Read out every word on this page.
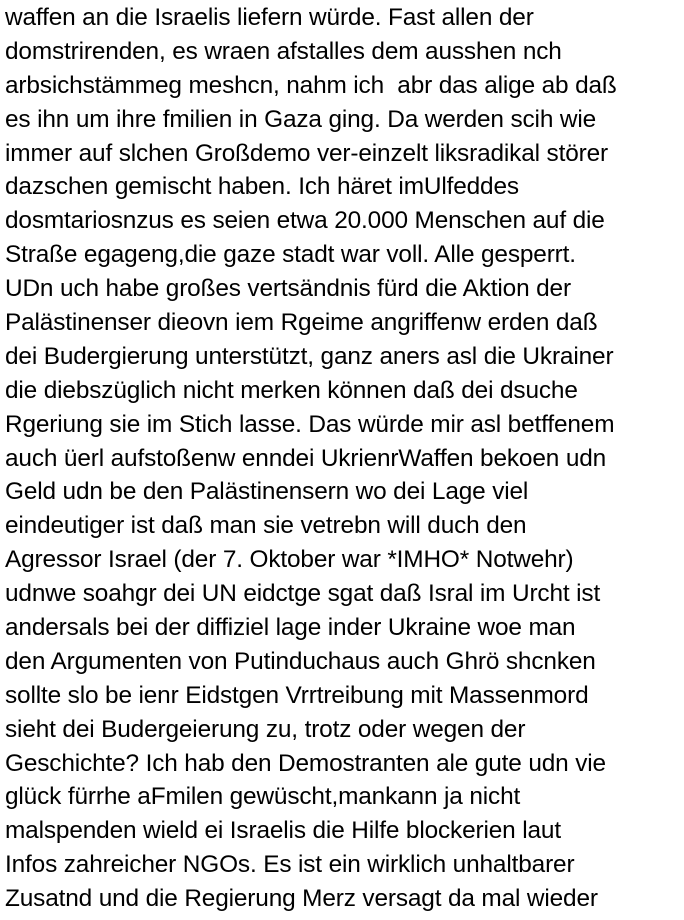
waffen an die Israelis liefern würde. Fast allen der
domstrirenden, es wraen afstalles dem ausshen nch
arbsichstämmeg meshcn, nahm ich  abr das alige ab daß
es ihn um ihre fmilien in Gaza ging. Da werden scih wie
immer auf slchen Großdemo ver-einzelt liksradikal störer
dazschen gemischt haben. Ich häret imUlfeddes
dosmtariosnzus es seien etwa 20.000 Menschen auf die
Straße egageng,die gaze stadt war voll. Alle gesperrt.
UDn uch habe großes vertsändnis fürd die Aktion der
Palästinenser dieovn iem Rgeime angriffenw erden daß
dei Budergierung unterstützt, ganz aners asl die Ukrainer
die diebszüglich nicht merken können daß dei dsuche
Rgeriung sie im Stich lasse. Das würde mir asl betffenem
auch üerl aufstoßenw enndei UkrienrWaffen bekoen udn
Geld udn be den Palästinensern wo dei Lage viel
eindeutiger ist daß man sie vetrebn will duch den
Agressor Israel (der 7. Oktober war *IMHO* Notwehr)
udnwe soahgr dei UN eidctge sgat daß Isral im Urcht ist
andersals bei der diffiziel lage inder Ukraine woe man
den Argumenten von Putinduchaus auch Ghrö shcnken
sollte slo be ienr Eidstgen Vrrtreibung mit Massenmord
sieht dei Budergeierung zu, trotz oder wegen der
Geschichte? Ich hab den Demostranten ale gute udn vie
glück fürrhe aFmilen gewüscht,mankann ja nicht
malspenden wield ei Israelis die Hilfe blockerien laut
Infos zahreicher NGOs. Es ist ein wirklich unhaltbarer
Zusatnd und die Regierung Merz versagt da mal wieder
